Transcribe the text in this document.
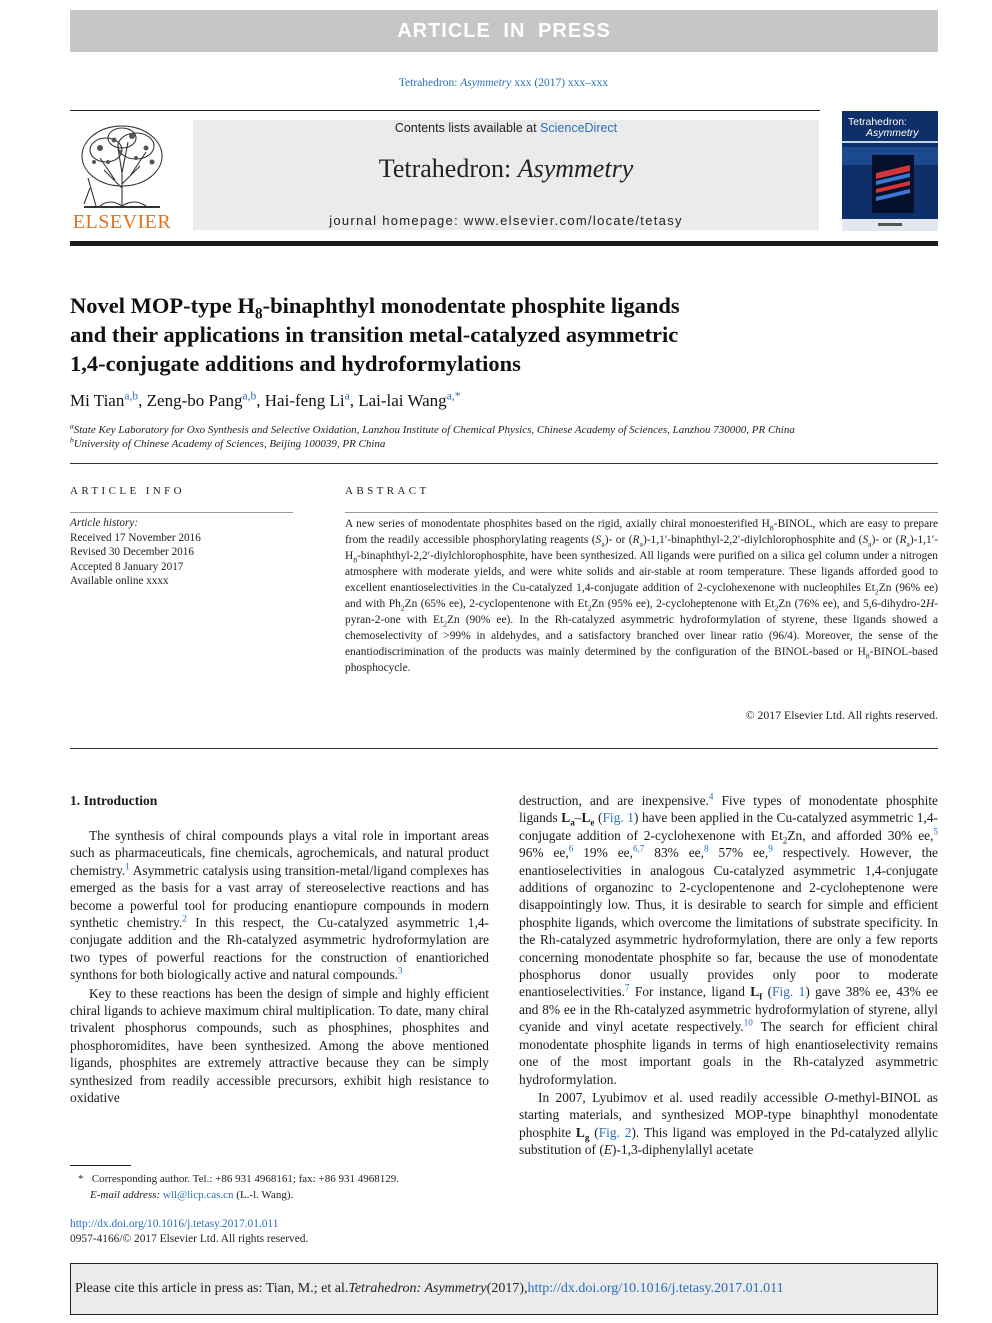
ARTICLE IN PRESS
Tetrahedron: Asymmetry xxx (2017) xxx–xxx
ELSEVIER
Contents lists available at ScienceDirect
Tetrahedron: Asymmetry
journal homepage: www.elsevier.com/locate/tetasy
Tetrahedron:
Asymmetry
Novel MOP-type $H_8$-binaphthyl monodentate phosphite ligands
and their applications in transition metal-catalyzed asymmetric
1,4-conjugate additions and hydroformylations
Mi Tian$^{a,b}$, Zeng-bo Pang$^{a,b}$, Hai-feng Li$^a$, Lai-lai Wang$^{a,*}$
$^a$State Key Laboratory for Oxo Synthesis and Selective Oxidation, Lanzhou Institute of Chemical Physics, Chinese Academy of Sciences, Lanzhou 730000, PR China
$^b$University of Chinese Academy of Sciences, Beijing 100039, PR China
ARTICLE INFO
Article history:
Received 17 November 2016
Revised 30 December 2016
Accepted 8 January 2017
Available online xxxx
ABSTRACT
A new series of monodentate phosphites based on the rigid, axially chiral monoesterified $H_8$-BINOL, which are easy to prepare from the readily accessible phosphorylating reagents $(S_a)-$ or $(R_a)-1,1'-binaphthyl-2,2'$-diylchlorophosphite and $(S_a)-$ or $(R_a)-1,1'-H_8-binaphthyl-2,2'$-diylchlorophosphite, have been synthesized. All ligands were purified on a silica gel column under a nitrogen atmosphere with moderate yields, and were white solids and air-stable at room temperature. These ligands afforded good to excellent enantioselectivities in the Cu-catalyzed 1,4-conjugate addition of 2-cyclohexenone with nucleophiles $Et_2Zn$ (96% ee) and with $Ph_2Zn$ (65% ee), 2-cyclopentenone with $Et_2Zn$ (95% ee), 2-cycloheptenone with $Et_2Zn$ (76% ee), and 5,6-dihydro-2H-pyran-2-one with $Et_2Zn$ (90% ee). In the Rh-catalyzed asymmetric hydroformylation of styrene, these ligands showed a chemoselectivity of >99% in aldehydes, and a satisfactory branched over linear ratio (96/4). Moreover, the sense of the enantiodiscrimination of the products was mainly determined by the configuration of the BINOL-based or $H_8-BINOL$-based phosphocycle.
© 2017 Elsevier Ltd. All rights reserved.
1. Introduction

The synthesis of chiral compounds plays a vital role in important areas such as pharmaceuticals, fine chemicals, agrochemicals, and natural product chemistry.$^1$ Asymmetric catalysis using transition-metal/ligand complexes has emerged as the basis for a vast array of stereoselective reactions and has become a powerful tool for producing enantiopure compounds in modern synthetic chemistry.$^2$ In this respect, the Cu-catalyzed asymmetric 1,4-conjugate addition and the Rh-catalyzed asymmetric hydroformylation are two types of powerful reactions for the construction of enantioriched synthons for both biologically active and natural compounds.$^3$

Key to these reactions has been the design of simple and highly efficient chiral ligands to achieve maximum chiral multiplication. To date, many chiral trivalent phosphorus compounds, such as phosphines, phosphites and phosphoromidites, have been synthesized. Among the above mentioned ligands, phosphites are extremely attractive because they can be simply synthesized from readily accessible precursors, exhibit high resistance to oxidative

destruction, and are inexpensive.$^4$ Five types of monodentate phosphite ligands $L_a-L_e$ (Fig. 1) have been applied in the Cu-catalyzed asymmetric 1,4-conjugate addition of 2-cyclohexenone with $Et_2Zn$, and afforded 30% ee,$^5$ 96% ee,$^6$ 19% ee,$^{6,7}$ 83% ee,$^8$ 57% ee,$^9$ respectively. However, the enantioselectivities in analogous Cu-catalyzed asymmetric 1,4-conjugate additions of organozinc to 2-cyclopentenone and 2-cycloheptenone were disappointingly low. Thus, it is desirable to search for simple and efficient phosphite ligands, which overcome the limitations of substrate specificity. In the Rh-catalyzed asymmetric hydroformylation, there are only a few reports concerning monodentate phosphite so far, because the use of monodentate phosphorus donor usually provides only poor to moderate enantioselectivities.$^7$ For instance, ligand $L_f$ (Fig. 1) gave 38% ee, 43% ee and 8% ee in the Rh-catalyzed asymmetric hydroformylation of styrene, allyl cyanide and vinyl acetate respectively.$^{10}$ The search for efficient chiral monodentate phosphite ligands in terms of high enantioselectivity remains one of the most important goals in the Rh-catalyzed asymmetric hydroformylation.

In 2007, Lyubimov et al. used readily accessible O-methyl-BINOL as starting materials, and synthesized MOP-type binaphthyl monodentate phosphite $L_g$ (Fig. 2). This ligand was employed in the Pd-catalyzed allylic substitution of (E)-1,3-diphenylallyl acetate

* Corresponding author. Tel.: +86 931 4968161; fax: +86 931 4968129.
E-mail address: wll@licp.cas.cn (L.-l. Wang).
http://dx.doi.org/10.1016/j.tetasy.2017.01.011
0957-4166/© 2017 Elsevier Ltd. All rights reserved.
Please cite this article in press as: Tian, M.; et al. Tetrahedron: Asymmetry (2017), http://dx.doi.org/10.1016/j.tetasy.2017.01.011
